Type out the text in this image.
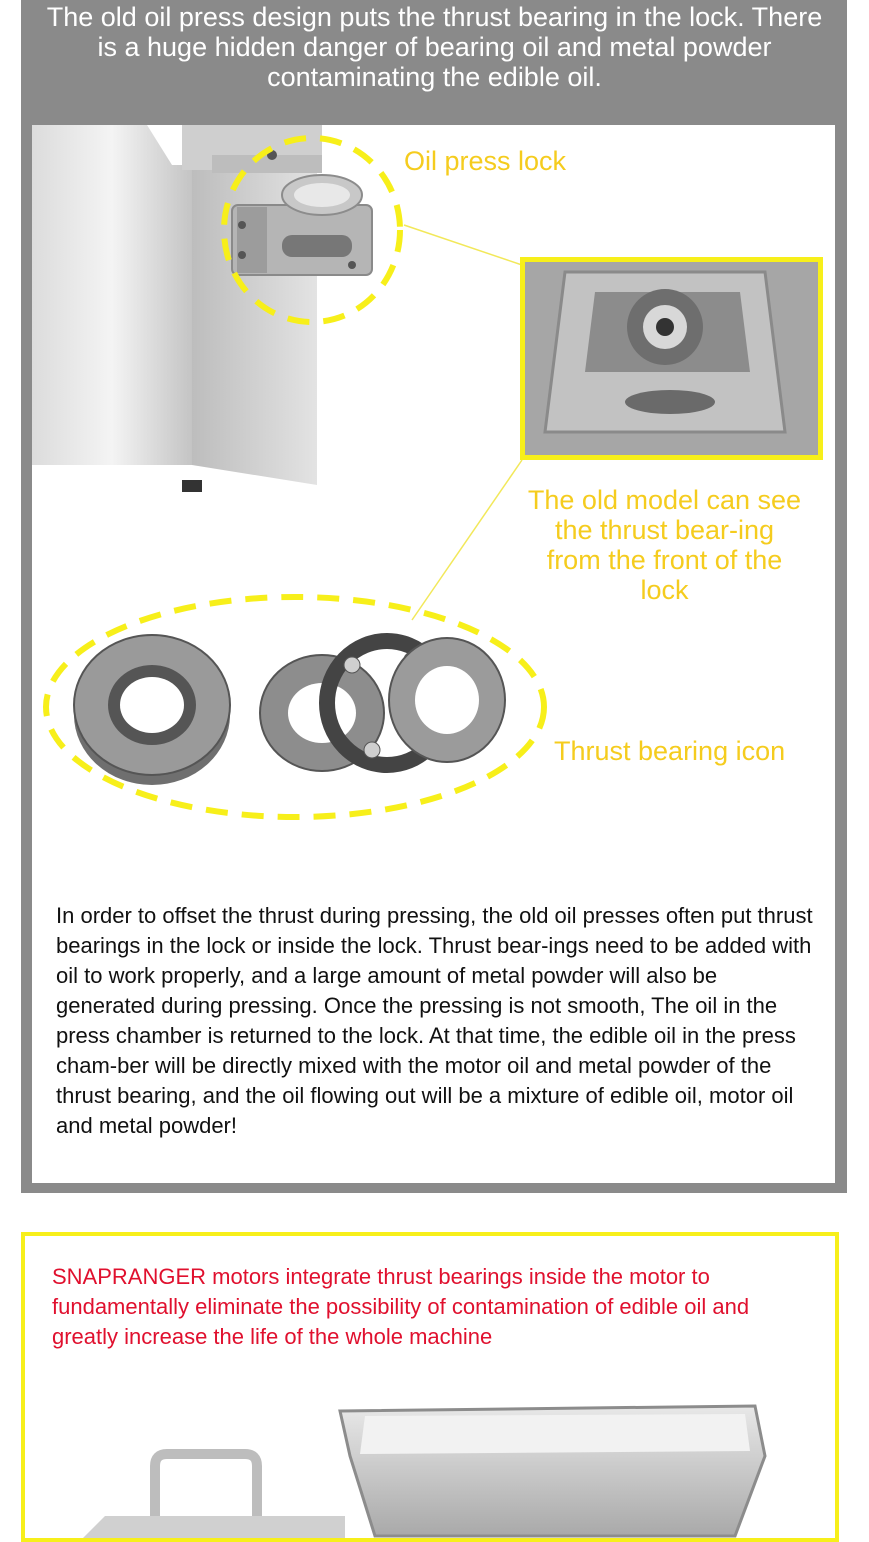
The old oil press design puts the thrust bearing in the lock. There is a huge hidden danger of bearing oil and metal powder contaminating the edible oil.
Oil press lock
The old model can see the thrust bear-ing from the front of the lock
Thrust bearing icon
In order to offset the thrust during pressing, the old oil presses often put thrust bearings in the lock or inside the lock. Thrust bear-ings need to be added with oil to work properly, and a large amount of metal powder will also be generated during pressing. Once the pressing is not smooth, The oil in the press chamber is returned to the lock. At that time, the edible oil in the press cham-ber will be directly mixed with the motor oil and metal powder of the thrust bearing, and the oil flowing out will be a mixture of edible oil, motor oil and metal powder!
SNAPRANGER motors integrate thrust bearings inside the motor to fundamentally eliminate the possibility of contamination of edible oil and greatly increase the life of the whole machine
